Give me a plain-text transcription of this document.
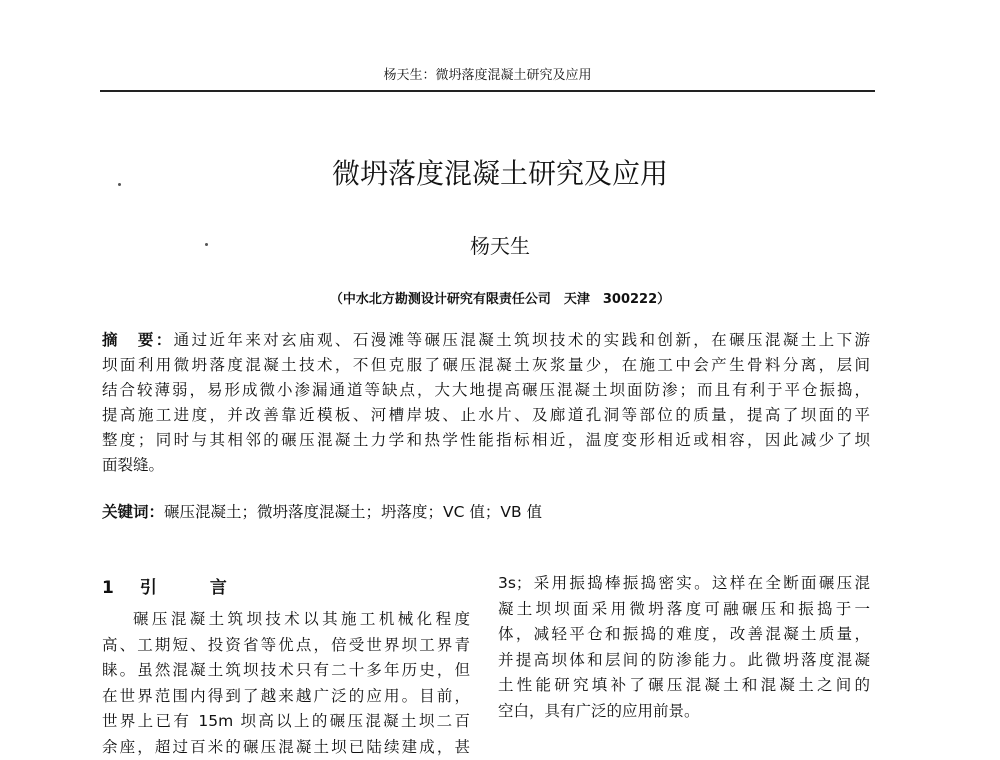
杨天生：微坍落度混凝土研究及应用
微坍落度混凝土研究及应用
杨天生
（中水北方勘测设计研究有限责任公司　天津　300222）
摘　要：通过近年来对玄庙观、石漫滩等碾压混凝土筑坝技术的实践和创新，在碾压混凝土上下游
坝面利用微坍落度混凝土技术，不但克服了碾压混凝土灰浆量少，在施工中会产生骨料分离，层间
结合较薄弱，易形成微小渗漏通道等缺点，大大地提高碾压混凝土坝面防渗；而且有利于平仓振捣，
提高施工进度，并改善靠近模板、河槽岸坡、止水片、及廊道孔洞等部位的质量，提高了坝面的平
整度；同时与其相邻的碾压混凝土力学和热学性能指标相近，温度变形相近或相容，因此减少了坝
面裂缝。
关键词：碾压混凝土；微坍落度混凝土；坍落度；VC 值；VB 值
1 引　言
碾压混凝土筑坝技术以其施工机械化程度
高、工期短、投资省等优点，倍受世界坝工界青
睐。虽然混凝土筑坝技术只有二十多年历史，但
在世界范围内得到了越来越广泛的应用。目前，
世界上已有 15m 坝高以上的碾压混凝土坝二百
余座，超过百米的碾压混凝土坝已陆续建成，甚
3s；采用振捣棒振捣密实。这样在全断面碾压混
凝土坝坝面采用微坍落度可融碾压和振捣于一
体，减轻平仓和振捣的难度，改善混凝土质量，
并提高坝体和层间的防渗能力。此微坍落度混凝
土性能研究填补了碾压混凝土和混凝土之间的
空白，具有广泛的应用前景。
